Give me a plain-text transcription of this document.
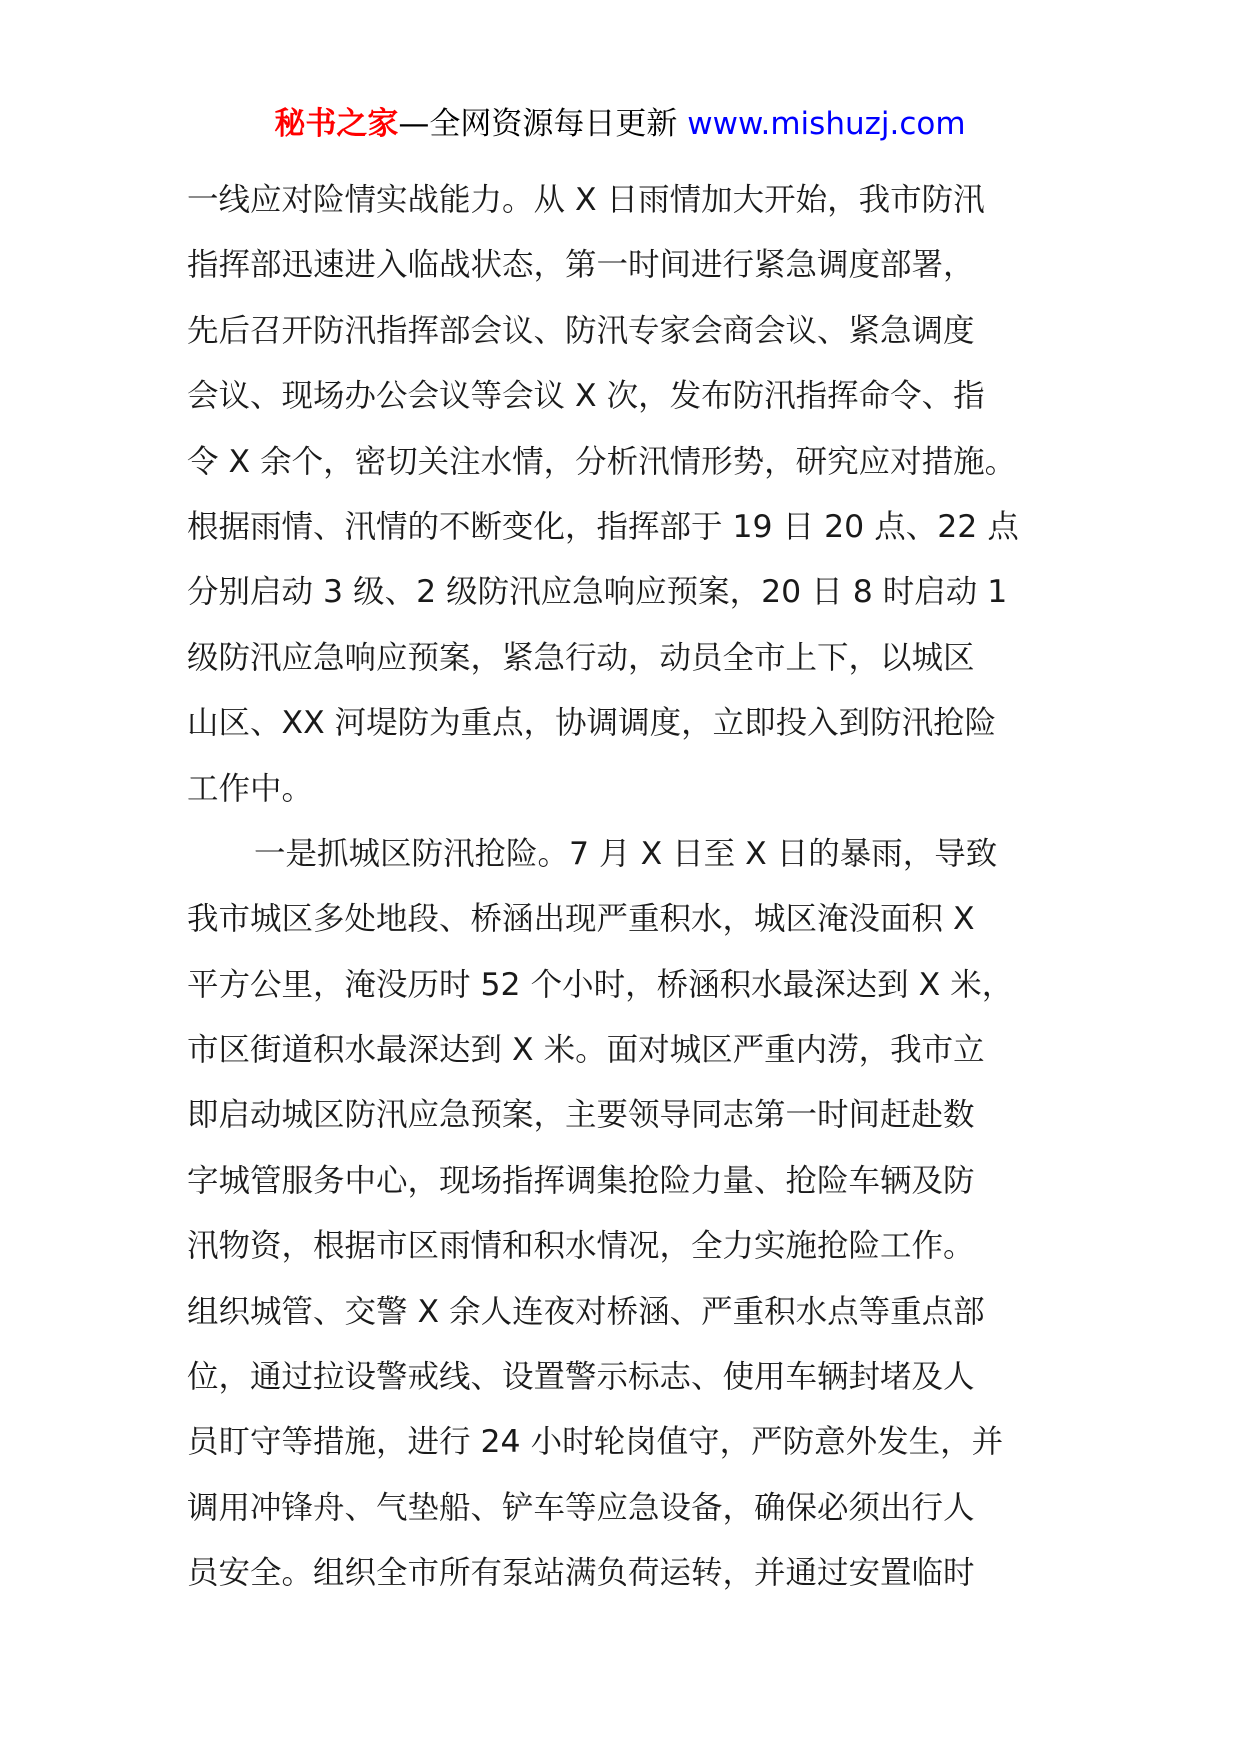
秘书之家—全网资源每日更新 www.mishuzj.com
一线应对险情实战能力。从 X 日雨情加大开始，我市防汛
指挥部迅速进入临战状态，第一时间进行紧急调度部署，
先后召开防汛指挥部会议、防汛专家会商会议、紧急调度
会议、现场办公会议等会议 X 次，发布防汛指挥命令、指
令 X 余个，密切关注水情，分析汛情形势，研究应对措施。
根据雨情、汛情的不断变化，指挥部于 19 日 20 点、22 点
分别启动 3 级、2 级防汛应急响应预案，20 日 8 时启动 1
级防汛应急响应预案，紧急行动，动员全市上下，以城区
山区、XX 河堤防为重点，协调调度，立即投入到防汛抢险
工作中。
一是抓城区防汛抢险。7 月 X 日至 X 日的暴雨，导致
我市城区多处地段、桥涵出现严重积水，城区淹没面积 X
平方公里，淹没历时 52 个小时，桥涵积水最深达到 X 米，
市区街道积水最深达到 X 米。面对城区严重内涝，我市立
即启动城区防汛应急预案，主要领导同志第一时间赶赴数
字城管服务中心，现场指挥调集抢险力量、抢险车辆及防
汛物资，根据市区雨情和积水情况，全力实施抢险工作。
组织城管、交警 X 余人连夜对桥涵、严重积水点等重点部
位，通过拉设警戒线、设置警示标志、使用车辆封堵及人
员盯守等措施，进行 24 小时轮岗值守，严防意外发生，并
调用冲锋舟、气垫船、铲车等应急设备，确保必须出行人
员安全。组织全市所有泵站满负荷运转，并通过安置临时
